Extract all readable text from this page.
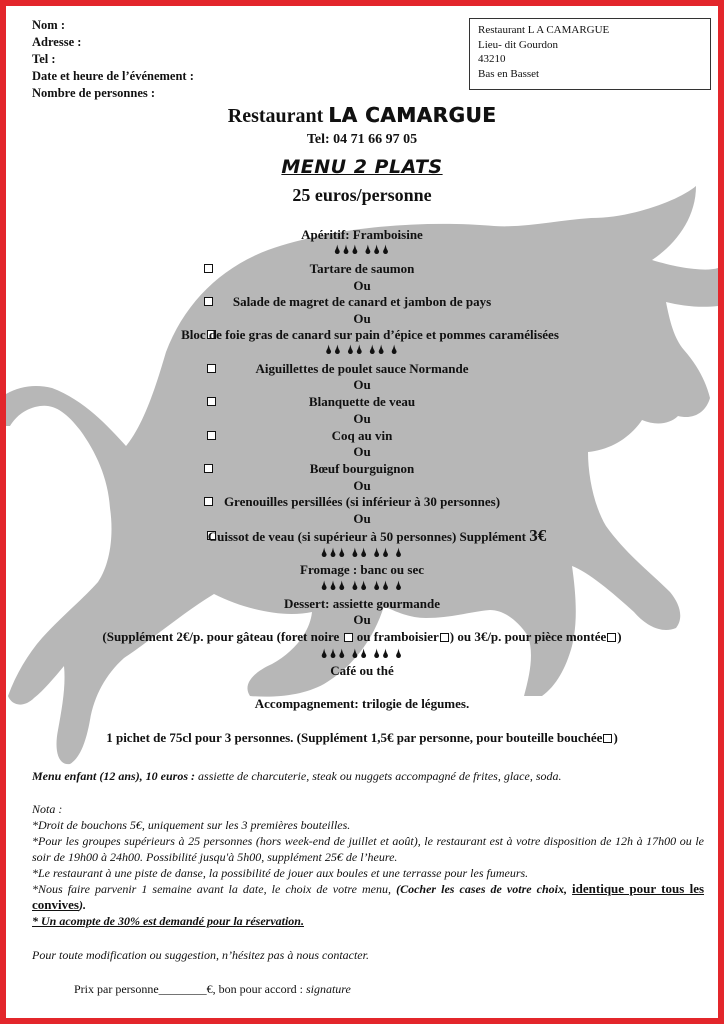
Nom :
Adresse :
Tel :
Date et heure de l’événement :
Nombre de personnes :
Restaurant L A CAMARGUE
Lieu- dit Gourdon
43210
Bas en Basset
Restaurant LA CAMARGUE
Tel: 04 71 66 97 05
MENU 2 PLATS
25 euros/personne
Apéritif: Framboisine
🌢🌢🌢 🌢🌢🌢
Tartare de saumon
Ou
Salade de magret de canard et jambon de pays
Ou
Bloc de foie gras de canard sur pain d’épice et pommes caramélisées
🌢🌢 🌢🌢 🌢🌢 🌢
Aiguillettes de poulet sauce Normande
Ou
Blanquette de veau
Ou
Coq au vin
Ou
Bœuf bourguignon
Ou
Grenouilles persillées (si inférieur à 30 personnes)
Ou
Cuissot de veau (si supérieur à 50 personnes) Supplément 3€
🌢🌢🌢 🌢🌢 🌢🌢 🌢
Fromage : banc ou sec
🌢🌢🌢 🌢🌢 🌢🌢 🌢
Dessert: assiette gourmande
Ou
(Supplément 2€/p. pour gâteau (foret noire ou framboisier ) ou 3€/p. pour pièce montée )
🌢🌢🌢 🌢🌢 🌢🌢 🌢
Café ou thé
Accompagnement: trilogie de légumes.
1 pichet de 75cl pour 3 personnes. (Supplément 1,5€ par personne, pour bouteille bouchée )
Menu enfant (12 ans), 10 euros : assiette de charcuterie, steak ou nuggets accompagné de frites, glace, soda.
Nota :
*Droit de bouchons 5€, uniquement sur les 3 premières bouteilles.
*Pour les groupes supérieurs à 25 personnes (hors week-end de juillet et août), le restaurant est à votre disposition de 12h à 17h00 ou le soir de 19h00 à 24h00. Possibilité jusqu'à 5h00, supplément 25€ de l’heure.
*Le restaurant à une piste de danse, la possibilité de jouer aux boules et une terrasse pour les fumeurs.
*Nous faire parvenir 1 semaine avant la date, le choix de votre menu, (Cocher les cases de votre choix, identique pour tous les convives).
* Un acompte de 30% est demandé pour la réservation.
Pour toute modification ou suggestion, n’hésitez pas à nous contacter.
Prix par personne________€, bon pour accord : signature
